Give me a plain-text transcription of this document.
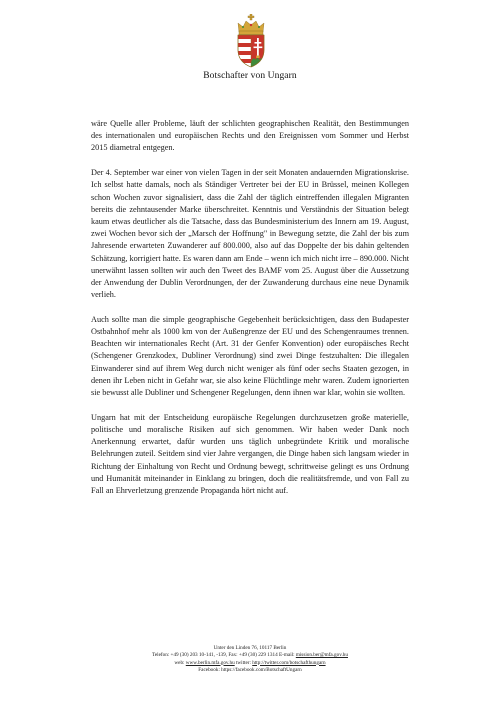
Botschafter von Ungarn

wäre Quelle aller Probleme, läuft der schlichten geographischen Realität, den Bestimmungen des internationalen und europäischen Rechts und den Ereignissen vom Sommer und Herbst 2015 diametral entgegen.

Der 4. September war einer von vielen Tagen in der seit Monaten andauernden Migrationskrise. Ich selbst hatte damals, noch als Ständiger Vertreter bei der EU in Brüssel, meinen Kollegen schon Wochen zuvor signalisiert, dass die Zahl der täglich eintreffenden illegalen Migranten bereits die zehntausender Marke überschreitet. Kenntnis und Verständnis der Situation belegt kaum etwas deutlicher als die Tatsache, dass das Bundesministerium des Innern am 19. August, zwei Wochen bevor sich der „Marsch der Hoffnung" in Bewegung setzte, die Zahl der bis zum Jahresende erwarteten Zuwanderer auf 800.000, also auf das Doppelte der bis dahin geltenden Schätzung, korrigiert hatte. Es waren dann am Ende – wenn ich mich nicht irre – 890.000. Nicht unerwähnt lassen sollten wir auch den Tweet des BAMF vom 25. August über die Aussetzung der Anwendung der Dublin Verordnungen, der der Zuwanderung durchaus eine neue Dynamik verlieh.

Auch sollte man die simple geographische Gegebenheit berücksichtigen, dass den Budapester Ostbahnhof mehr als 1000 km von der Außengrenze der EU und des Schengenraumes trennen. Beachten wir internationales Recht (Art. 31 der Genfer Konvention) oder europäisches Recht (Schengener Grenzkodex, Dubliner Verordnung) sind zwei Dinge festzuhalten: Die illegalen Einwanderer sind auf ihrem Weg durch nicht weniger als fünf oder sechs Staaten gezogen, in denen ihr Leben nicht in Gefahr war, sie also keine Flüchtlinge mehr waren. Zudem ignorierten sie bewusst alle Dubliner und Schengener Regelungen, denn ihnen war klar, wohin sie wollten.

Ungarn hat mit der Entscheidung europäische Regelungen durchzusetzen große materielle, politische und moralische Risiken auf sich genommen. Wir haben weder Dank noch Anerkennung erwartet, dafür wurden uns täglich unbegründete Kritik und moralische Belehrungen zuteil. Seitdem sind vier Jahre vergangen, die Dinge haben sich langsam wieder in Richtung der Einhaltung von Recht und Ordnung bewegt, schrittweise gelingt es uns Ordnung und Humanität miteinander in Einklang zu bringen, doch die realitätsfremde, und von Fall zu Fall an Ehrverletzung grenzende Propaganda hört nicht auf.

Unter den Linden 76, 10117 Berlin
Telefon: +49 (30) 203 10-141, -139, Fax: +49 (30) 229 1314 E-mail: mission.ber@mfa.gov.hu
web: www.berlin.mfa.gov.hu twitter: http://twitter.com/botschafthungarn
Facebook: https://facebook.com/BotschaftUngarn
